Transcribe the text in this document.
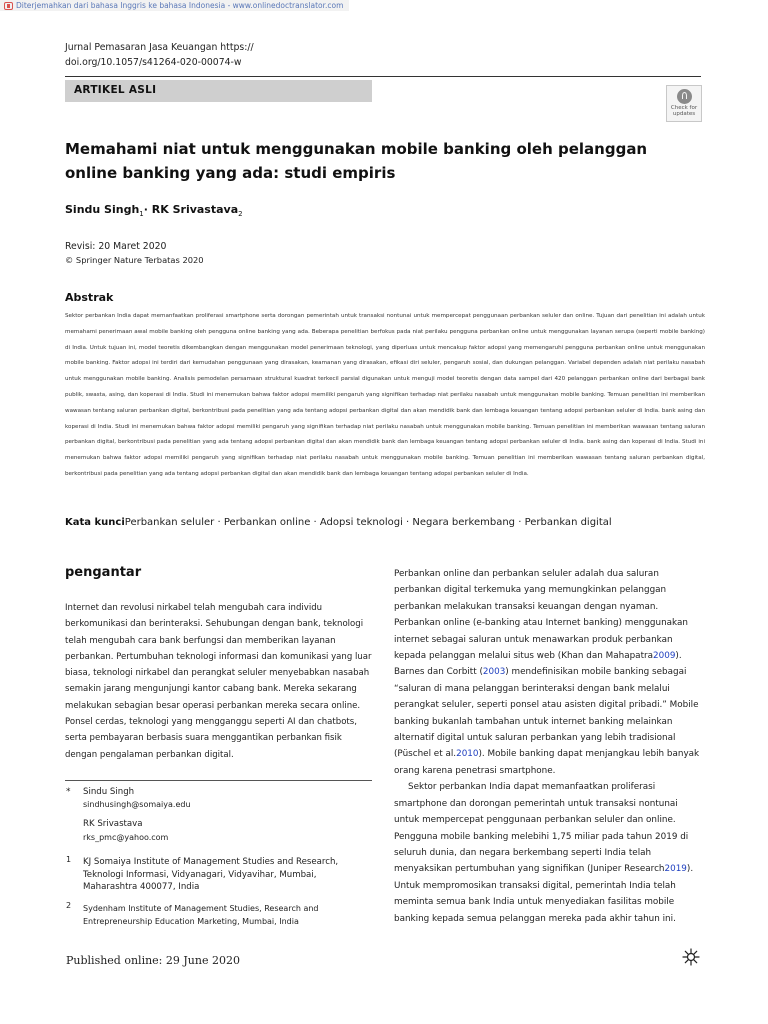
Diterjemahkan dari bahasa Inggris ke bahasa Indonesia - www.onlinedoctranslator.com
Jurnal Pemasaran Jasa Keuangan https://
doi.org/10.1057/s41264-020-00074-w
ARTIKEL ASLI
Check for
updates
Memahami niat untuk menggunakan mobile banking oleh pelanggan
online banking yang ada: studi empiris
Sindu Singh$_1$· RK Srivastava$_2$
Revisi: 20 Maret 2020
© Springer Nature Terbatas 2020
Abstrak
Sektor perbankan India dapat memanfaatkan proliferasi smartphone serta dorongan pemerintah untuk transaksi nontunai untuk mempercepat penggunaan perbankan seluler dan online. Tujuan dari penelitian ini adalah untuk memahami penerimaan awal mobile banking oleh pengguna online banking yang ada. Beberapa penelitian berfokus pada niat perilaku pengguna perbankan online untuk menggunakan layanan serupa (seperti mobile banking) di India. Untuk tujuan ini, model teoretis dikembangkan dengan menggunakan model penerimaan teknologi, yang diperluas untuk mencakup faktor adopsi yang memengaruhi pengguna perbankan online untuk menggunakan mobile banking. Faktor adopsi ini terdiri dari kemudahan penggunaan yang dirasakan, keamanan yang dirasakan, efikasi diri seluler, pengaruh sosial, dan dukungan pelanggan. Variabel dependen adalah niat perilaku nasabah untuk menggunakan mobile banking. Analisis pemodelan persamaan struktural kuadrat terkecil parsial digunakan untuk menguji model teoretis dengan data sampel dari 420 pelanggan perbankan online dari berbagai bank publik, swasta, asing, dan koperasi di India. Studi ini menemukan bahwa faktor adopsi memiliki pengaruh yang signifikan terhadap niat perilaku nasabah untuk menggunakan mobile banking. Temuan penelitian ini memberikan wawasan tentang saluran perbankan digital, berkontribusi pada penelitian yang ada tentang adopsi perbankan digital dan akan mendidik bank dan lembaga keuangan tentang adopsi perbankan seluler di India. bank asing dan koperasi di India. Studi ini menemukan bahwa faktor adopsi memiliki pengaruh yang signifikan terhadap niat perilaku nasabah untuk menggunakan mobile banking. Temuan penelitian ini memberikan wawasan tentang saluran perbankan digital, berkontribusi pada penelitian yang ada tentang adopsi perbankan digital dan akan mendidik bank dan lembaga keuangan tentang adopsi perbankan seluler di India. bank asing dan koperasi di India. Studi ini menemukan bahwa faktor adopsi memiliki pengaruh yang signifikan terhadap niat perilaku nasabah untuk menggunakan mobile banking. Temuan penelitian ini memberikan wawasan tentang saluran perbankan digital, berkontribusi pada penelitian yang ada tentang adopsi perbankan digital dan akan mendidik bank dan lembaga keuangan tentang adopsi perbankan seluler di India.
Kata kunciPerbankan seluler · Perbankan online · Adopsi teknologi · Negara berkembang · Perbankan digital
pengantar
Internet dan revolusi nirkabel telah mengubah cara individu berkomunikasi dan berinteraksi. Sehubungan dengan bank, teknologi telah mengubah cara bank berfungsi dan memberikan layanan perbankan. Pertumbuhan teknologi informasi dan komunikasi yang luar biasa, teknologi nirkabel dan perangkat seluler menyebabkan nasabah semakin jarang mengunjungi kantor cabang bank. Mereka sekarang melakukan sebagian besar operasi perbankan mereka secara online. Ponsel cerdas, teknologi yang mengganggu seperti AI dan chatbots, serta pembayaran berbasis suara menggantikan perbankan fisik dengan pengalaman perbankan digital.
* Sindu Singh
sindhusingh@somaiya.edu
RK Srivastava
rks_pmc@yahoo.com
1 KJ Somaiya Institute of Management Studies and Research, Teknologi Informasi, Vidyanagari, Vidyavihar, Mumbai, Maharashtra 400077, India
2 Sydenham Institute of Management Studies, Research and Entrepreneurship Education Marketing, Mumbai, India

Perbankan online dan perbankan seluler adalah dua saluran perbankan digital terkemuka yang memungkinkan pelanggan perbankan melakukan transaksi keuangan dengan nyaman. Perbankan online (e-banking atau Internet banking) menggunakan internet sebagai saluran untuk menawarkan produk perbankan kepada pelanggan melalui situs web (Khan dan Mahapatra2009). Barnes dan Corbitt (2003) mendefinisikan mobile banking sebagai “saluran di mana pelanggan berinteraksi dengan bank melalui perangkat seluler, seperti ponsel atau asisten digital pribadi.” Mobile banking bukanlah tambahan untuk internet banking melainkan alternatif digital untuk saluran perbankan yang lebih tradisional (Püschel et al.2010). Mobile banking dapat menjangkau lebih banyak orang karena penetrasi smartphone.

Sektor perbankan India dapat memanfaatkan proliferasi smartphone dan dorongan pemerintah untuk transaksi nontunai untuk mempercepat penggunaan perbankan seluler dan online. Pengguna mobile banking melebihi 1,75 miliar pada tahun 2019 di seluruh dunia, dan negara berkembang seperti India telah menyaksikan pertumbuhan yang signifikan (Juniper Research2019). Untuk mempromosikan transaksi digital, pemerintah India telah meminta semua bank India untuk menyediakan fasilitas mobile banking kepada semua pelanggan mereka pada akhir tahun ini.

Published online: 29 June 2020
